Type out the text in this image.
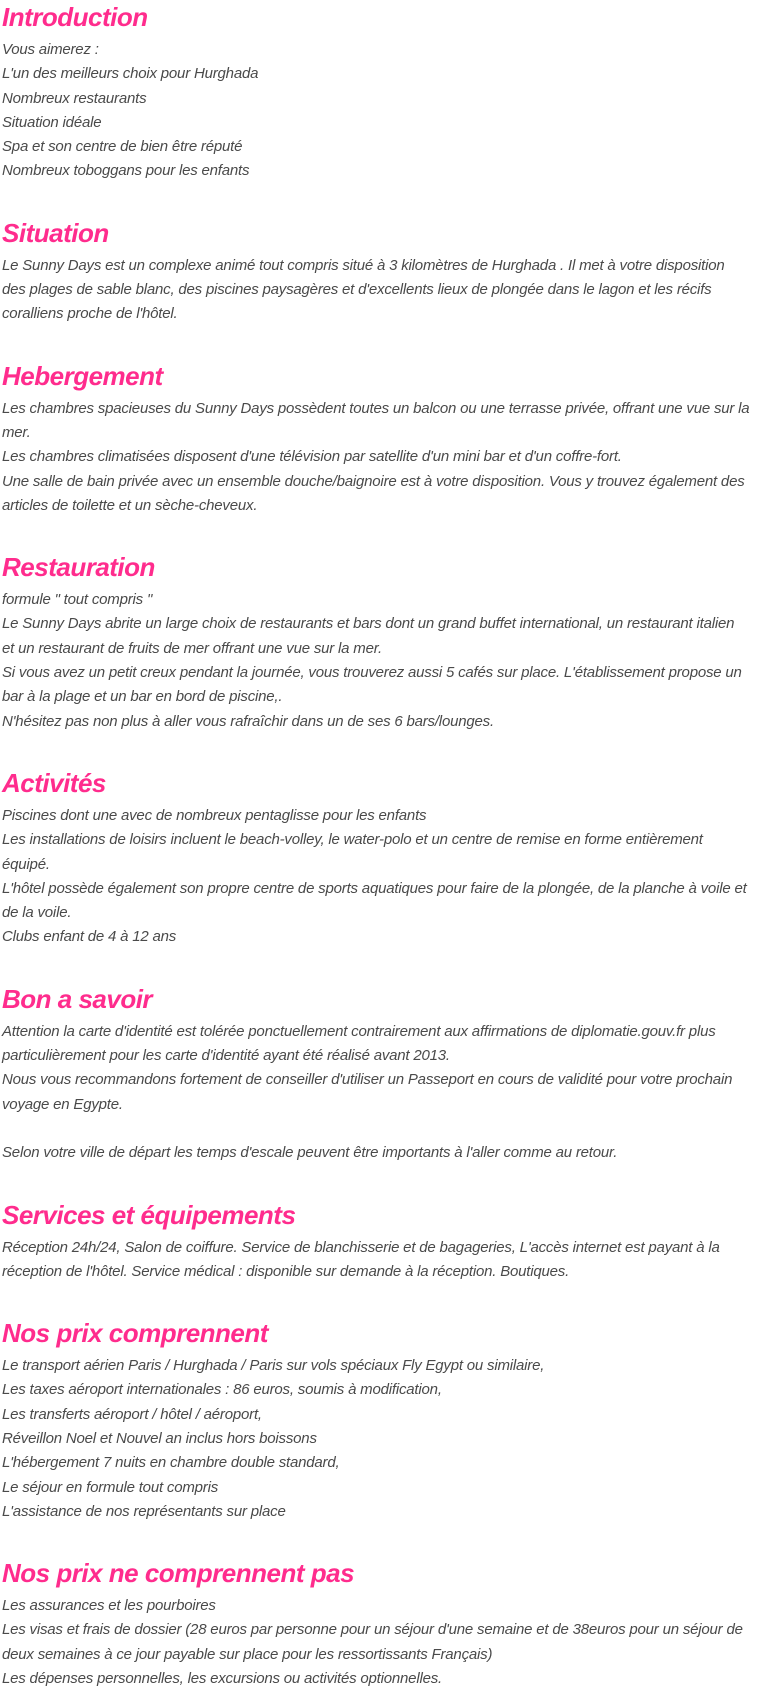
Introduction

Vous aimerez :

L'un des meilleurs choix pour Hurghada

Nombreux restaurants

Situation idéale

Spa et son centre de bien être réputé

Nombreux toboggans pour les enfants

Situation

Le Sunny Days est un complexe animé tout compris situé à 3 kilomètres de Hurghada . Il met à votre disposition des plages de sable blanc, des piscines paysagères et d'excellents lieux de plongée dans le lagon et les récifs coralliens proche de l'hôtel.

Hebergement

Les chambres spacieuses du Sunny Days possèdent toutes un balcon ou une terrasse privée, offrant une vue sur la mer.

Les chambres climatisées disposent d'une télévision par satellite d'un mini bar et d'un coffre-fort.

Une salle de bain privée avec un ensemble douche/baignoire est à votre disposition. Vous y trouvez également des articles de toilette et un sèche-cheveux.

Restauration

formule " tout compris "

Le Sunny Days abrite un large choix de restaurants et bars dont un grand buffet international, un restaurant italien et un restaurant de fruits de mer offrant une vue sur la mer.

Si vous avez un petit creux pendant la journée, vous trouverez aussi 5 cafés sur place. L'établissement propose un bar à la plage et un bar en bord de piscine,.

N'hésitez pas non plus à aller vous rafraîchir dans un de ses 6 bars/lounges.

Activités

Piscines dont une avec de nombreux pentaglisse pour les enfants

Les installations de loisirs incluent le beach-volley, le water-polo et un centre de remise en forme entièrement équipé.

L'hôtel possède également son propre centre de sports aquatiques pour faire de la plongée, de la planche à voile et de la voile.

Clubs enfant de 4 à 12 ans

Bon a savoir

Attention la carte d'identité est tolérée ponctuellement contrairement aux affirmations de diplomatie.gouv.fr plus particulièrement pour les carte d'identité ayant été réalisé avant 2013.

Nous vous recommandons fortement de conseiller d'utiliser un Passeport en cours de validité pour votre prochain voyage en Egypte.

Selon votre ville de départ les temps d'escale peuvent être importants à l'aller comme au retour.

Services et équipements

Réception 24h/24, Salon de coiffure. Service de blanchisserie et de bagageries, L'accès internet est payant à la réception de l'hôtel. Service médical : disponible sur demande à la réception. Boutiques.

Nos prix comprennent

Le transport aérien Paris / Hurghada / Paris sur vols spéciaux Fly Egypt ou similaire,

Les taxes aéroport internationales : 86 euros, soumis à modification,

Les transferts aéroport / hôtel / aéroport,

Réveillon Noel et Nouvel an inclus hors boissons

L'hébergement 7 nuits en chambre double standard,

Le séjour en formule tout compris

L'assistance de nos représentants sur place

Nos prix ne comprennent pas

Les assurances et les pourboires

Les visas et frais de dossier (28 euros par personne pour un séjour d'une semaine et de 38euros pour un séjour de deux semaines à ce jour payable sur place pour les ressortissants Français)

Les dépenses personnelles, les excursions ou activités optionnelles.
